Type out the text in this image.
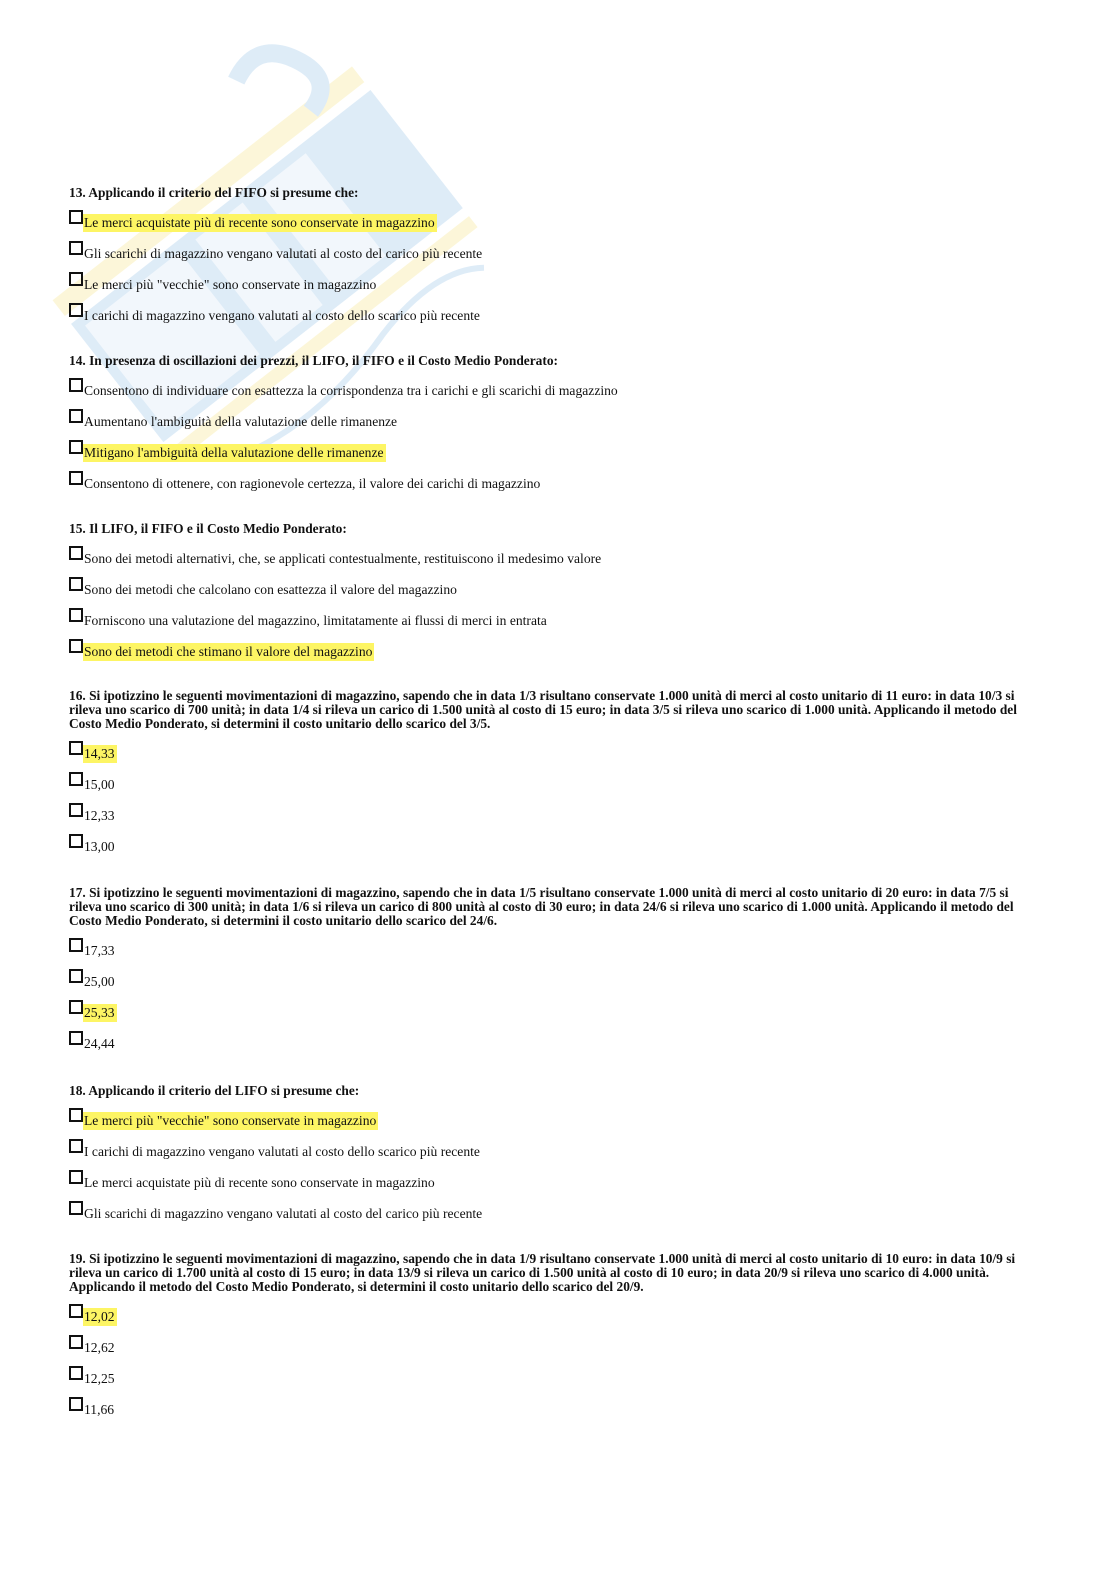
13. Applicando il criterio del FIFO si presume che:

Le merci acquistate più di recente sono conservate in magazzino
Gli scarichi di magazzino vengano valutati al costo del carico più recente
Le merci più "vecchie" sono conservate in magazzino
I carichi di magazzino vengano valutati al costo dello scarico più recente

14. In presenza di oscillazioni dei prezzi, il LIFO, il FIFO e il Costo Medio Ponderato:

Consentono di individuare con esattezza la corrispondenza tra i carichi e gli scarichi di magazzino
Aumentano l'ambiguità della valutazione delle rimanenze
Mitigano l'ambiguità della valutazione delle rimanenze
Consentono di ottenere, con ragionevole certezza, il valore dei carichi di magazzino

15. Il LIFO, il FIFO e il Costo Medio Ponderato:

Sono dei metodi alternativi, che, se applicati contestualmente, restituiscono il medesimo valore
Sono dei metodi che calcolano con esattezza il valore del magazzino
Forniscono una valutazione del magazzino, limitatamente ai flussi di merci in entrata
Sono dei metodi che stimano il valore del magazzino

16. Si ipotizzino le seguenti movimentazioni di magazzino, sapendo che in data 1/3 risultano conservate 1.000 unità di merci al costo unitario di 11 euro: in data 10/3 si rileva uno scarico di 700 unità; in data 1/4 si rileva un carico di 1.500 unità al costo di 15 euro; in data 3/5 si rileva uno scarico di 1.000 unità. Applicando il metodo del Costo Medio Ponderato, si determini il costo unitario dello scarico del 3/5.

14,33
15,00
12,33
13,00

17. Si ipotizzino le seguenti movimentazioni di magazzino, sapendo che in data 1/5 risultano conservate 1.000 unità di merci al costo unitario di 20 euro: in data 7/5 si rileva uno scarico di 300 unità; in data 1/6 si rileva un carico di 800 unità al costo di 30 euro; in data 24/6 si rileva uno scarico di 1.000 unità. Applicando il metodo del Costo Medio Ponderato, si determini il costo unitario dello scarico del 24/6.

17,33
25,00
25,33
24,44

18. Applicando il criterio del LIFO si presume che:

Le merci più "vecchie" sono conservate in magazzino
I carichi di magazzino vengano valutati al costo dello scarico più recente
Le merci acquistate più di recente sono conservate in magazzino
Gli scarichi di magazzino vengano valutati al costo del carico più recente

19. Si ipotizzino le seguenti movimentazioni di magazzino, sapendo che in data 1/9 risultano conservate 1.000 unità di merci al costo unitario di 10 euro: in data 10/9 si rileva un carico di 1.700 unità al costo di 15 euro; in data 13/9 si rileva un carico di 1.500 unità al costo di 10 euro; in data 20/9 si rileva uno scarico di 4.000 unità. Applicando il metodo del Costo Medio Ponderato, si determini il costo unitario dello scarico del 20/9.

12,02
12,62
12,25
11,66
